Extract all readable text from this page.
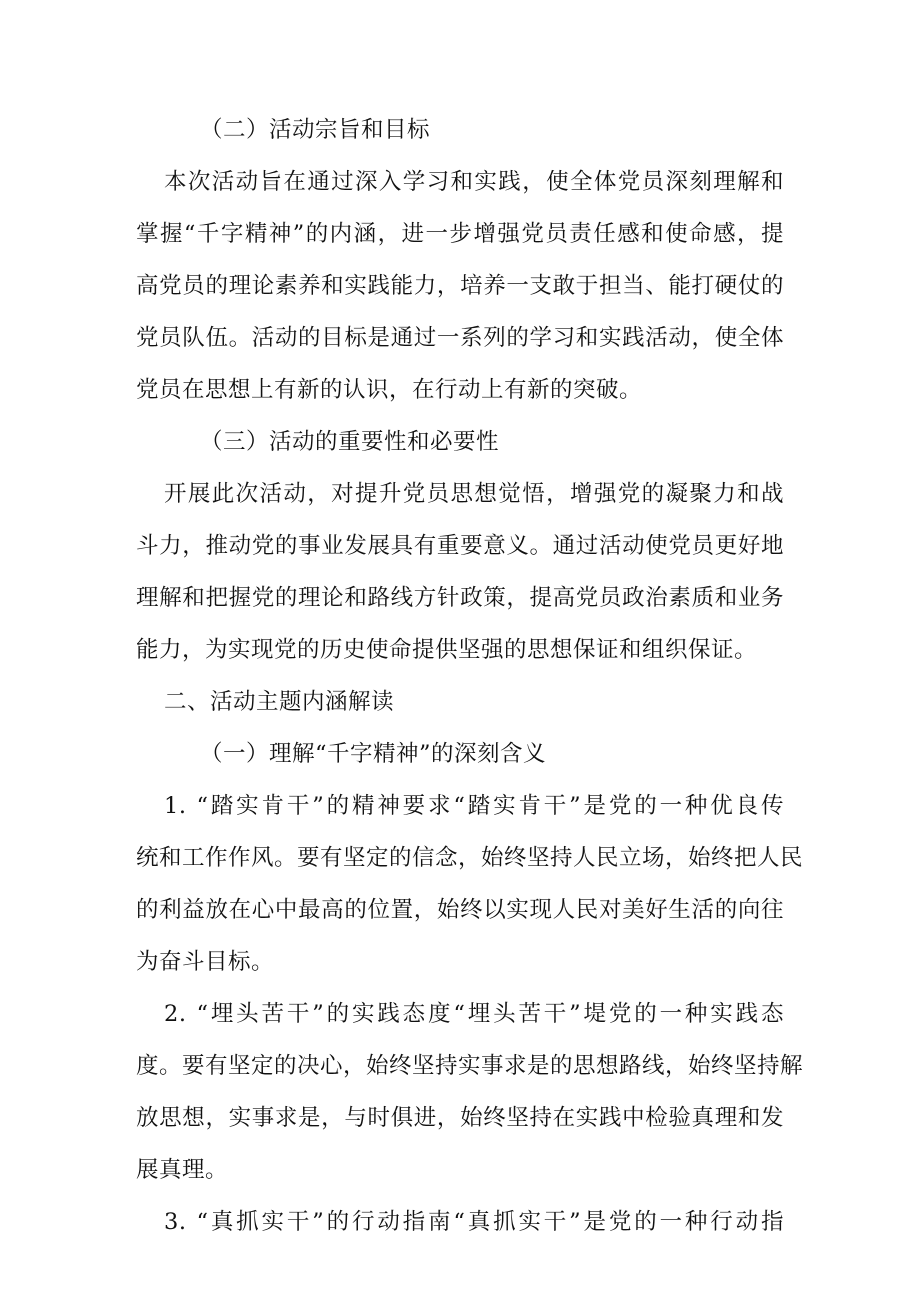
（二）活动宗旨和目标
本次活动旨在通过深入学习和实践，使全体党员深刻理解和
掌握“千字精神”的内涵，进一步增强党员责任感和使命感，提
高党员的理论素养和实践能力，培养一支敢于担当、能打硬仗的
党员队伍。活动的目标是通过一系列的学习和实践活动，使全体
党员在思想上有新的认识，在行动上有新的突破。
（三）活动的重要性和必要性
开展此次活动，对提升党员思想觉悟，增强党的凝聚力和战
斗力，推动党的事业发展具有重要意义。通过活动使党员更好地
理解和把握党的理论和路线方针政策，提高党员政治素质和业务
能力，为实现党的历史使命提供坚强的思想保证和组织保证。
二、活动主题内涵解读
（一）理解“千字精神”的深刻含义
1. “踏实肯干”的精神要求“踏实肯干”是党的一种优良传
统和工作作风。要有坚定的信念，始终坚持人民立场，始终把人民
的利益放在心中最高的位置，始终以实现人民对美好生活的向往
为奋斗目标。
2. “埋头苦干”的实践态度“埋头苦干”堤党的一种实践态
度。要有坚定的决心，始终坚持实事求是的思想路线，始终坚持解
放思想，实事求是，与时俱进，始终坚持在实践中检验真理和发
展真理。
3. “真抓实干”的行动指南“真抓实干”是党的一种行动指
